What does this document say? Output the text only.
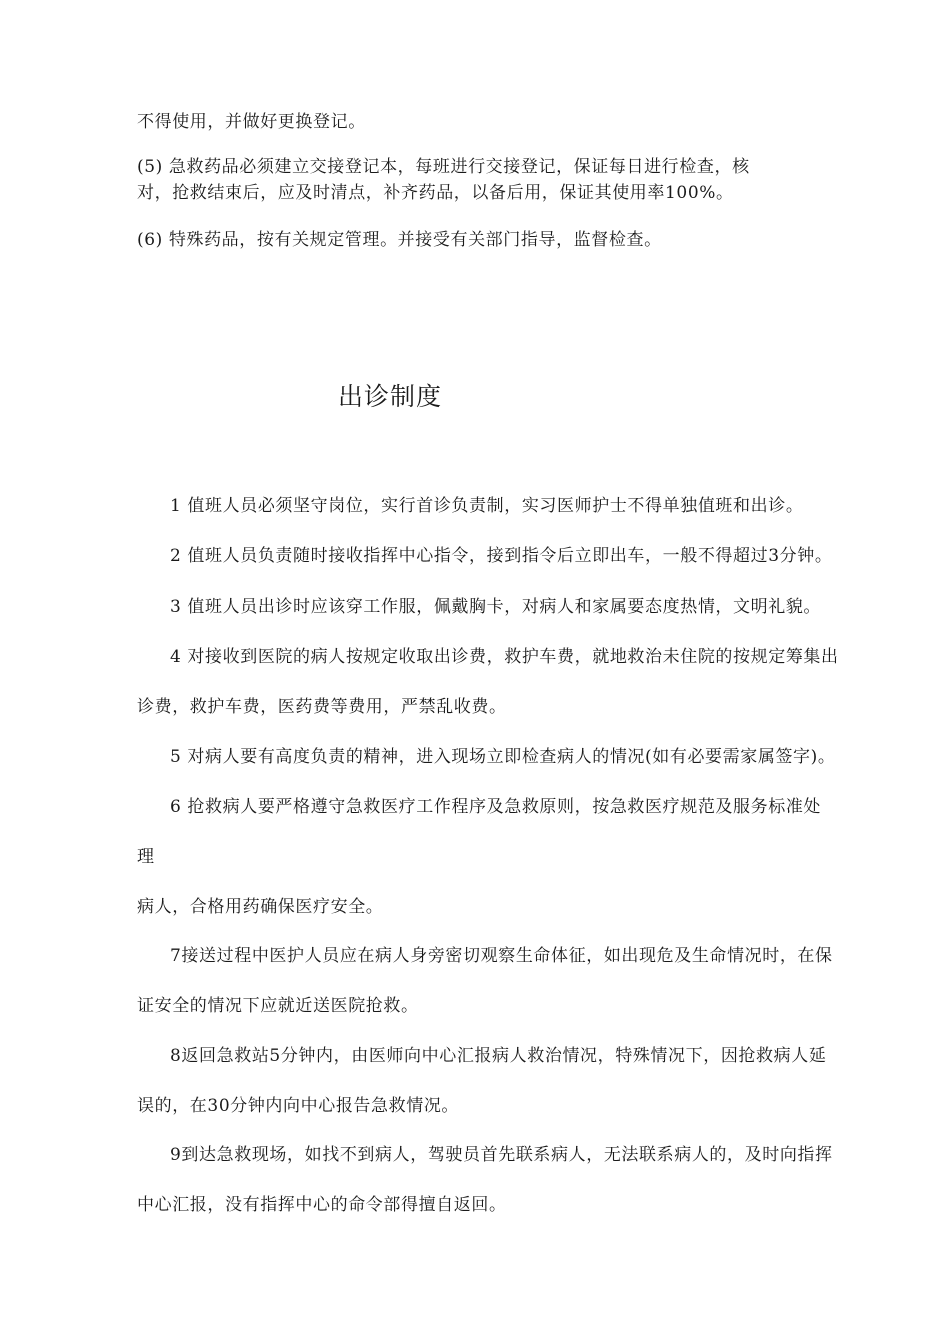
不得使用，并做好更换登记。
(5) 急救药品必须建立交接登记本，每班进行交接登记，保证每日进行检查，核
对，抢救结束后，应及时清点，补齐药品，以备后用，保证其使用率100%。
(6) 特殊药品，按有关规定管理。并接受有关部门指导，监督检查。
出诊制度
1 值班人员必须坚守岗位，实行首诊负责制，实习医师护士不得单独值班和出诊。
2 值班人员负责随时接收指挥中心指令，接到指令后立即出车，一般不得超过3分钟。
3 值班人员出诊时应该穿工作服，佩戴胸卡，对病人和家属要态度热情，文明礼貌。
4 对接收到医院的病人按规定收取出诊费，救护车费，就地救治未住院的按规定筹集出
诊费，救护车费，医药费等费用，严禁乱收费。
5 对病人要有高度负责的精神，进入现场立即检查病人的情况(如有必要需家属签字)。
6 抢救病人要严格遵守急救医疗工作程序及急救原则，按急救医疗规范及服务标准处
理
病人，合格用药确保医疗安全。
7接送过程中医护人员应在病人身旁密切观察生命体征，如出现危及生命情况时，在保
证安全的情况下应就近送医院抢救。
8返回急救站5分钟内，由医师向中心汇报病人救治情况，特殊情况下，因抢救病人延
误的，在30分钟内向中心报告急救情况。
9到达急救现场，如找不到病人，驾驶员首先联系病人，无法联系病人的，及时向指挥
中心汇报，没有指挥中心的命令部得擅自返回。
